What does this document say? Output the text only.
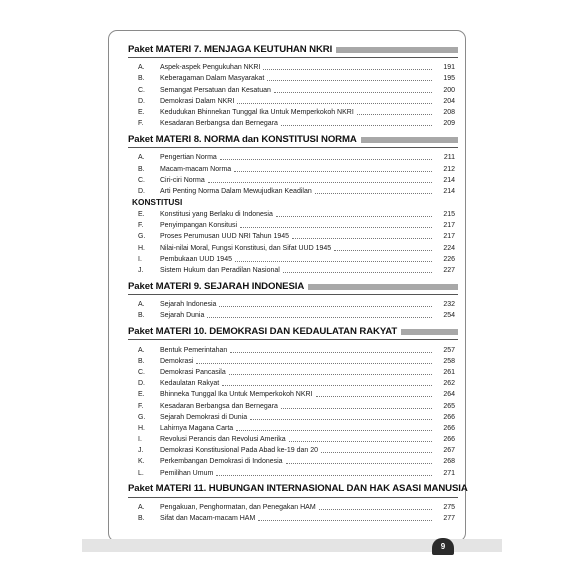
Paket MATERI 7. MENJAGA KEUTUHAN NKRI
A.	Aspek-aspek Pengukuhan NKRI	191
B.	Keberagaman Dalam Masyarakat	195
C.	Semangat Persatuan dan Kesatuan	200
D.	Demokrasi Dalam NKRI	204
E.	Kedudukan Bhinnekan Tunggal Ika Untuk Memperkokoh NKRI	208
F.	Kesadaran Berbangsa dan Bernegara	209
Paket MATERI 8. NORMA dan KONSTITUSI NORMA
A.	Pengertian Norma	211
B.	Macam-macam Norma	212
C.	Ciri-ciri Norma	214
D.	Arti Penting Norma Dalam Mewujudkan Keadilan	214
KONSTITUSI
E.	Konstitusi yang Berlaku di Indonesia	215
F.	Penyimpangan Konsitusi	217
G.	Proses Perumusan UUD NRI Tahun 1945	217
H.	Nilai-nilai Moral, Fungsi Konstitusi, dan Sifat UUD 1945	224
I.	Pembukaan UUD 1945	226
J.	Sistem Hukum dan Peradilan Nasional	227
Paket MATERI 9. SEJARAH INDONESIA
A.	Sejarah Indonesia	232
B.	Sejarah Dunia	254
Paket MATERI 10. DEMOKRASI DAN KEDAULATAN RAKYAT
A.	Bentuk Pemerintahan	257
B.	Demokrasi	258
C.	Demokrasi Pancasila	261
D.	Kedaulatan Rakyat	262
E.	Bhinneka Tunggal Ika Untuk Memperkokoh NKRI	264
F.	Kesadaran Berbangsa dan Bernegara	265
G.	Sejarah Demokrasi di Dunia	266
H.	Lahirnya Magana Carta	266
I.	Revolusi Perancis dan Revolusi Amerika	266
J.	Demokrasi Konstitusional Pada Abad ke-19 dan 20	267
K.	Perkembangan Demokrasi di Indonesia	268
L.	Pemilihan Umum	271
Paket MATERI 11. HUBUNGAN INTERNASIONAL DAN HAK ASASI MANUSIA
A.	Pengakuan, Penghormatan, dan Penegakan HAM	275
B.	Sifat dan Macam-macam HAM	277
9
